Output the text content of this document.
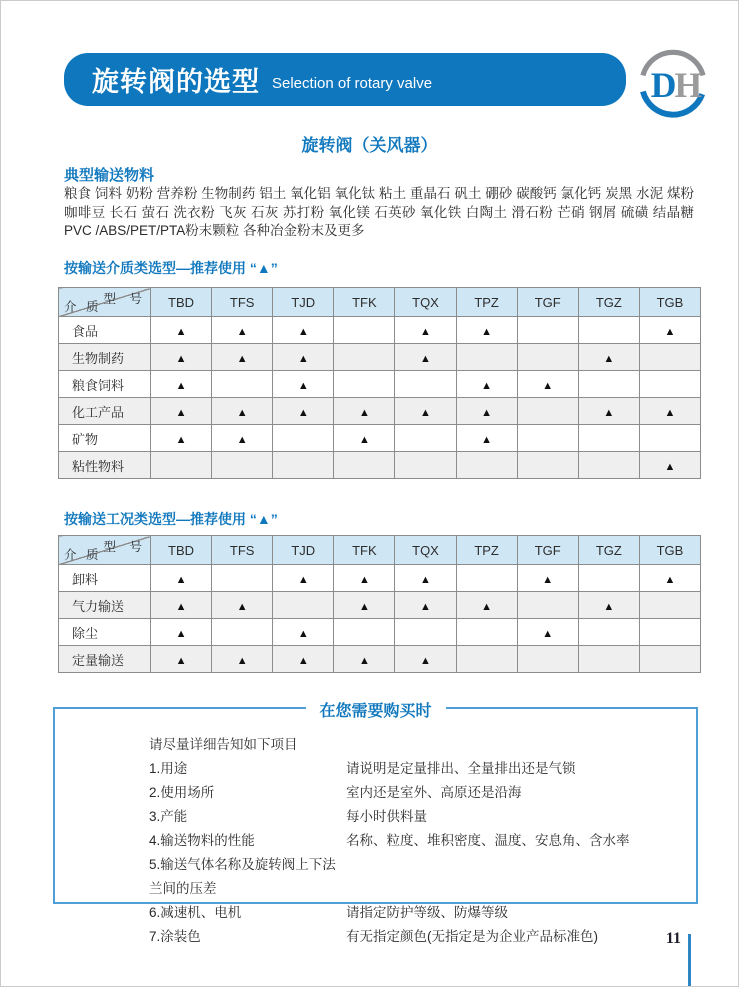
旋转阀的选型 Selection of rotary valve	D
H
旋转阀（关风器）
典型输送物料
粮食 饲料 奶粉 营养粉 生物制药 铝土 氧化铝 氧化钛 粘土 重晶石 矾土 硼砂 碳酸钙 氯化钙 炭黑 水泥 煤粉 咖啡豆 长石 萤石 洗衣粉 飞灰 石灰 苏打粉 氧化镁 石英砂 氧化铁 白陶土 滑石粉 芒硝 钢屑 硫磺 结晶糖 PVC /ABS/PET/PTA粉末颗粒 各种冶金粉末及更多
按输送介质类选型—推荐使用 “▲”
型 号
介 质	TBD	TFS	TJD	TFK	TQX	TPZ	TGF	TGZ	TGB
食品	▲	▲	▲		▲	▲			▲
生物制药	▲	▲	▲		▲			▲	
粮食饲料	▲		▲			▲	▲		
化工产品	▲	▲	▲	▲	▲	▲		▲	▲
矿物	▲	▲		▲		▲			
粘性物料									▲
按输送工况类选型—推荐使用 “▲”
型 号
介 质	TBD	TFS	TJD	TFK	TQX	TPZ	TGF	TGZ	TGB
卸料	▲		▲	▲	▲		▲		▲
气力输送	▲	▲		▲	▲	▲		▲	
除尘	▲		▲				▲		
定量输送	▲	▲	▲	▲	▲				
在您需要购买时
请尽量详细告知如下项目
1.用途	请说明是定量排出、全量排出还是气锁
2.使用场所	室内还是室外、高原还是沿海
3.产能	每小时供料量
4.输送物料的性能	名称、粒度、堆积密度、温度、安息角、含水率
5.输送气体名称及旋转阀上下法兰间的压差
6.减速机、电机	请指定防护等级、防爆等级
7.涂装色	有无指定颜色(无指定是为企业产品标准色)	11
